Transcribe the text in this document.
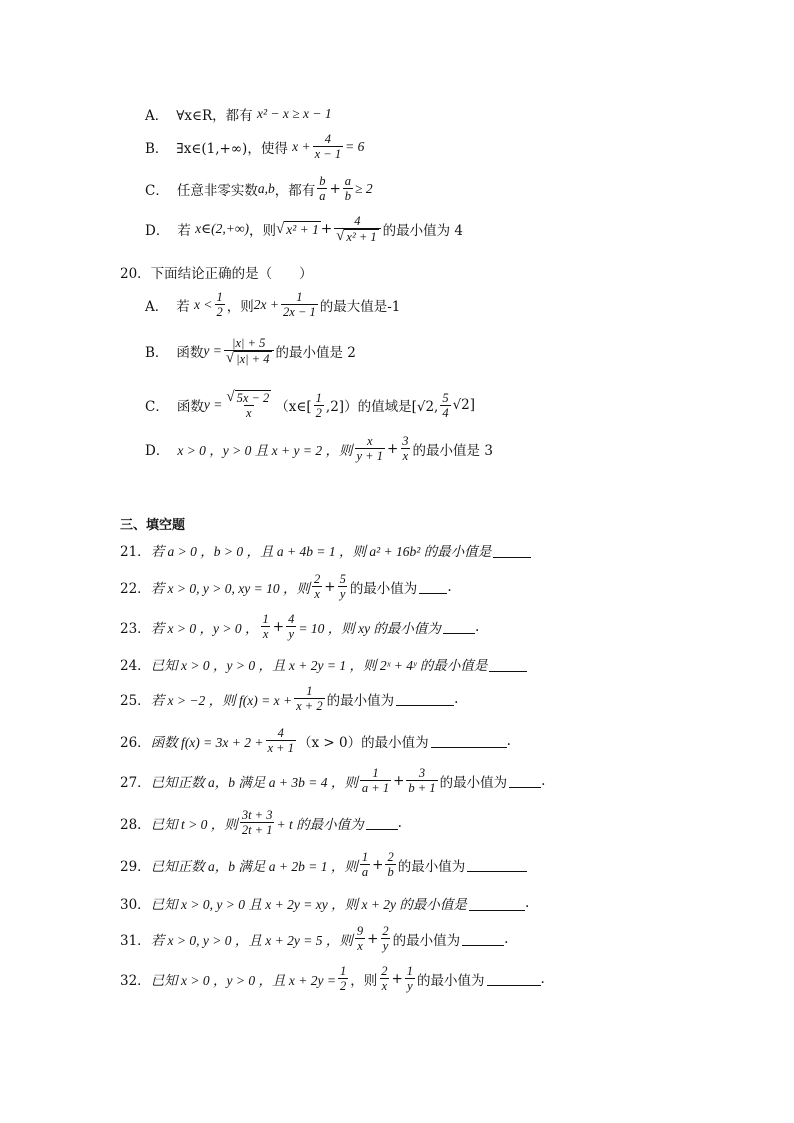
A． ∀x∈R，都有
x² − x ≥ x − 1
B． ∃x∈(1,+∞)，使得
$x + \frac{4}{x - 1} = 6$
C． 任意非零实数 a,b ，都有 $\frac{b}{a} + \frac{a}{b} \ge 2$
D． 若
x∈(2,+∞) ，则 √ $x^2 + 1 + \frac{4}{\text{√ x² + 1}}$ 的最小值为 4
20．下面结论正确的是（　　）
A． 若
$x < \frac{1}{2}$ ，则 $2x + \frac{1}{2x - 1}$ 的最大值是-1
B． 函数 $y = \frac{|x| + 5}{√ |x| + 4}$ 的最小值是 2
C． 函数 $y = \frac{√ 5x - 2}{x}$ （x∈[ $\frac{1}{2} ,2$]）的值域是[√2, $\frac{5}{4} √2$]
D． x > 0 ，y > 0 且 x + y = 2 ，则 $\frac{x}{y + 1} + \frac{3}{x}$ 的最小值是 3
三、填空题
21． 若 a > 0 ，b > 0 ，且 a + 4b = 1 ，则 a² + 16b² 的最小值是
22． 若 x > 0, y > 0, xy = 10 ，则 $\frac{2}{x} + \frac{5}{y}$ 的最小值为 .
23． 若 x > 0 ，y > 0 ， $\frac{1}{x} + \frac{4}{y} = 10$ ，则 xy 的最小值为	.
24． 已知 x > 0 ，y > 0 ，且 x + 2y = 1 ，则 2ˣ + 4ʸ 的最小值是
25． 若 x > −2 ，则 $f(x) = x + \frac{1}{x + 2}$ 的最小值为	.
26． 函数 $f(x) = 3x + 2 + \frac{4}{x + 1} (x > 0)$的最小值为	.
27． 已知正数 a，b 满足 a + 3b = 4 ，则 $\frac{1}{a + 1} + \frac{3}{b + 1}$ 的最小值为	.
28． 已知 t > 0 ，则 $\frac{3t + 3}{2t + 1} + t$ 的最小值为	.
29． 已知正数 a，b 满足 a + 2b = 1 ，则 $\frac{1}{a} + \frac{2}{b}$ 的最小值为
30． 已知 x > 0, y > 0 且 x + 2y = xy ，则 x + 2y 的最小值是	.
31． 若 x > 0, y > 0 ，且 x + 2y = 5 ，则 $\frac{9}{x} + \frac{2}{y}$ 的最小值为	.
32． 已知 x > 0 ，y > 0 ，且 $x + 2y = \frac{1}{2}$ ，则 $\frac{2}{x} + \frac{1}{y}$ 的最小值为	.
